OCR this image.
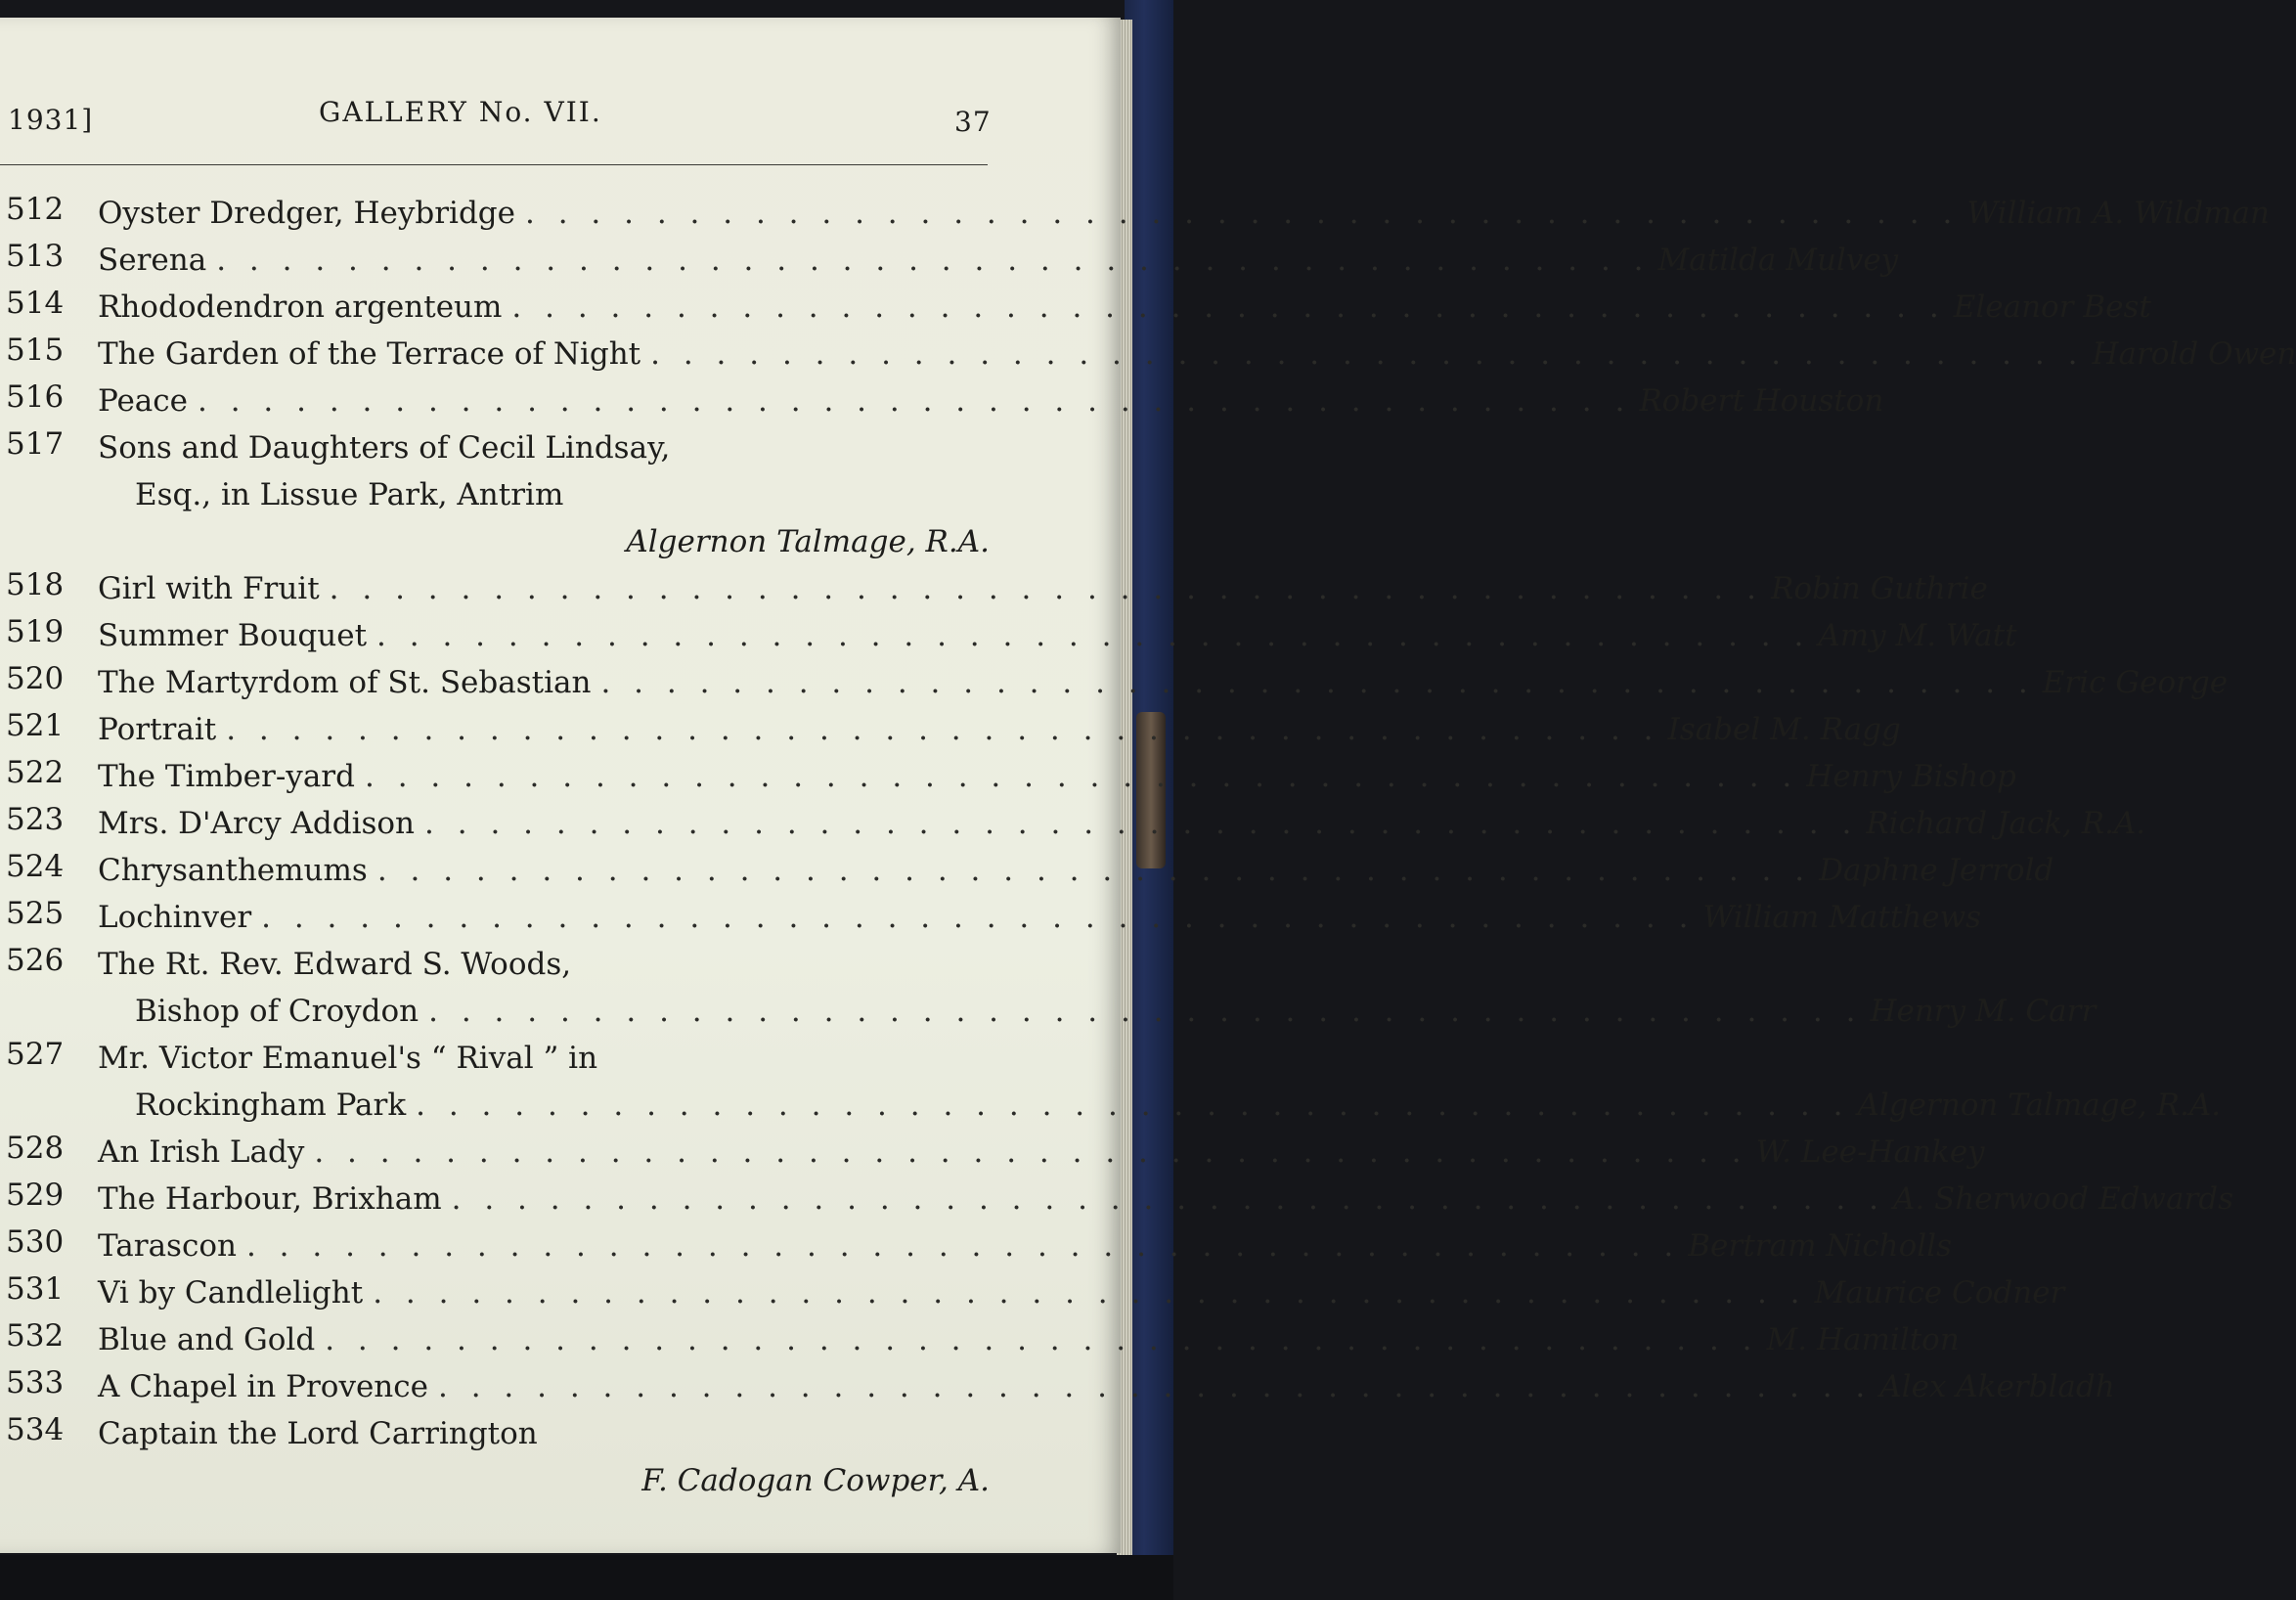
1931]	GALLERY No. VII.	37
512	Oyster Dredger, Heybridge . . . . . . . . . . . . . . . . . . . . . . . . . . . . . . . . . . . . . . . . . . . . William A. Wildman
513	Serena . . . . . . . . . . . . . . . . . . . . . . . . . . . . . . . . . . . . . . . . . . . . Matilda Mulvey
514	Rhododendron argenteum . . . . . . . . . . . . . . . . . . . . . . . . . . . . . . . . . . . . . . . . . . . . Eleanor Best
515	The Garden of the Terrace of Night . . . . . . . . . . . . . . . . . . . . . . . . . . . . . . . . . . . . . . . . . . . . Harold Owen
516	Peace . . . . . . . . . . . . . . . . . . . . . . . . . . . . . . . . . . . . . . . . . . . . Robert Houston
517	Sons and Daughters of Cecil Lindsay,
Esq., in Lissue Park, Antrim
Algernon Talmage, R.A.
518	Girl with Fruit . . . . . . . . . . . . . . . . . . . . . . . . . . . . . . . . . . . . . . . . . . . . Robin Guthrie
519	Summer Bouquet . . . . . . . . . . . . . . . . . . . . . . . . . . . . . . . . . . . . . . . . . . . . Amy M. Watt
520	The Martyrdom of St. Sebastian . . . . . . . . . . . . . . . . . . . . . . . . . . . . . . . . . . . . . . . . . . . . Eric George
521	Portrait . . . . . . . . . . . . . . . . . . . . . . . . . . . . . . . . . . . . . . . . . . . . Isabel M. Ragg
522	The Timber-yard . . . . . . . . . . . . . . . . . . . . . . . . . . . . . . . . . . . . . . . . . . . . Henry Bishop
523	Mrs. D'Arcy Addison . . . . . . . . . . . . . . . . . . . . . . . . . . . . . . . . . . . . . . . . . . . . Richard Jack, R.A.
524	Chrysanthemums . . . . . . . . . . . . . . . . . . . . . . . . . . . . . . . . . . . . . . . . . . . . Daphne Jerrold
525	Lochinver . . . . . . . . . . . . . . . . . . . . . . . . . . . . . . . . . . . . . . . . . . . . William Matthews
526	The Rt. Rev. Edward S. Woods,
Bishop of Croydon . . . . . . . . . . . . . . . . . . . . . . . . . . . . . . . . . . . . . . . . . . . . Henry M. Carr
527	Mr. Victor Emanuel's “ Rival ” in
Rockingham Park . . . . . . . . . . . . . . . . . . . . . . . . . . . . . . . . . . . . . . . . . . . . Algernon Talmage, R.A.
528	An Irish Lady . . . . . . . . . . . . . . . . . . . . . . . . . . . . . . . . . . . . . . . . . . . . W. Lee-Hankey
529	The Harbour, Brixham . . . . . . . . . . . . . . . . . . . . . . . . . . . . . . . . . . . . . . . . . . . . A. Sherwood Edwards
530	Tarascon . . . . . . . . . . . . . . . . . . . . . . . . . . . . . . . . . . . . . . . . . . . . Bertram Nicholls
531	Vi by Candlelight . . . . . . . . . . . . . . . . . . . . . . . . . . . . . . . . . . . . . . . . . . . . Maurice Codner
532	Blue and Gold . . . . . . . . . . . . . . . . . . . . . . . . . . . . . . . . . . . . . . . . . . . . M. Hamilton
533	A Chapel in Provence . . . . . . . . . . . . . . . . . . . . . . . . . . . . . . . . . . . . . . . . . . . . Alex Akerbladh
534	Captain the Lord Carrington
F. Cadogan Cowper, A.
